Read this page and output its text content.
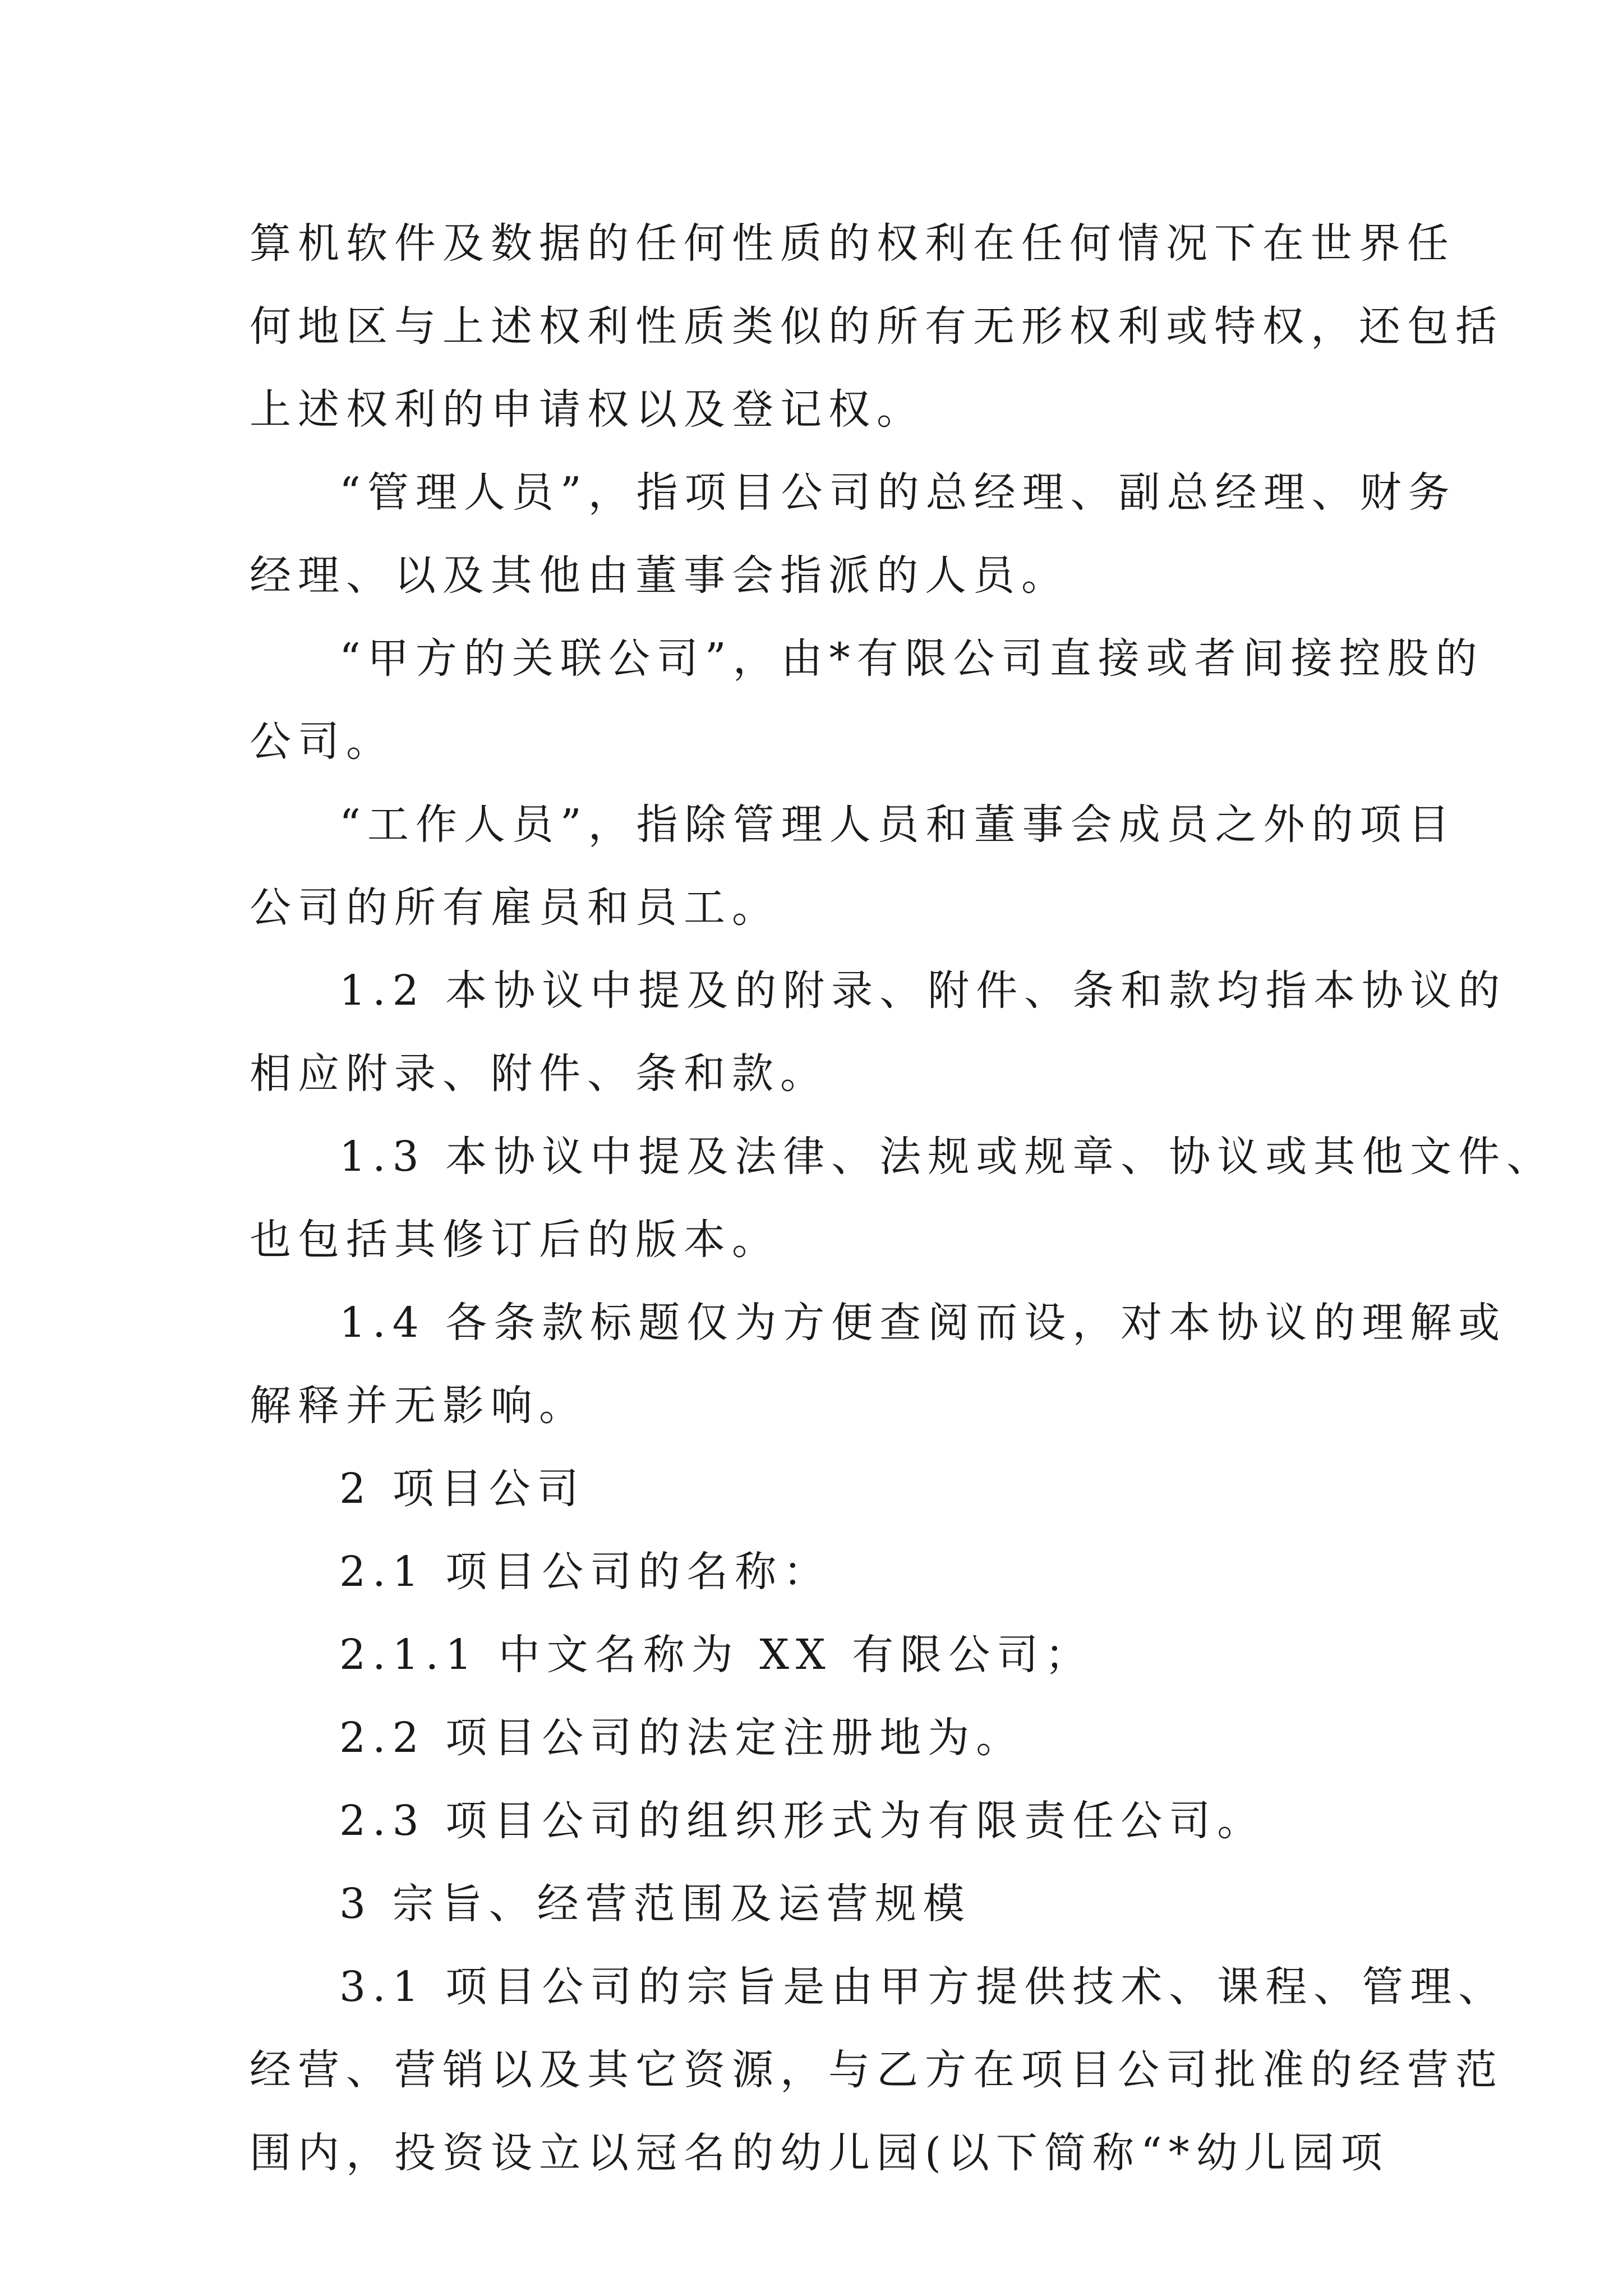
算机软件及数据的任何性质的权利在任何情况下在世界任
何地区与上述权利性质类似的所有无形权利或特权，还包括
上述权利的申请权以及登记权。
“管理人员”，指项目公司的总经理、副总经理、财务
经理、以及其他由董事会指派的人员。
“甲方的关联公司”，由*有限公司直接或者间接控股的
公司。
“工作人员”，指除管理人员和董事会成员之外的项目
公司的所有雇员和员工。
1.2 本协议中提及的附录、附件、条和款均指本协议的
相应附录、附件、条和款。
1.3 本协议中提及法律、法规或规章、协议或其他文件、
也包括其修订后的版本。
1.4 各条款标题仅为方便查阅而设，对本协议的理解或
解释并无影响。
2 项目公司
2.1 项目公司的名称：
2.1.1 中文名称为 XX 有限公司；
2.2 项目公司的法定注册地为。
2.3 项目公司的组织形式为有限责任公司。
3 宗旨、经营范围及运营规模
3.1 项目公司的宗旨是由甲方提供技术、课程、管理、
经营、营销以及其它资源，与乙方在项目公司批准的经营范
围内，投资设立以冠名的幼儿园(以下简称“*幼儿园项
